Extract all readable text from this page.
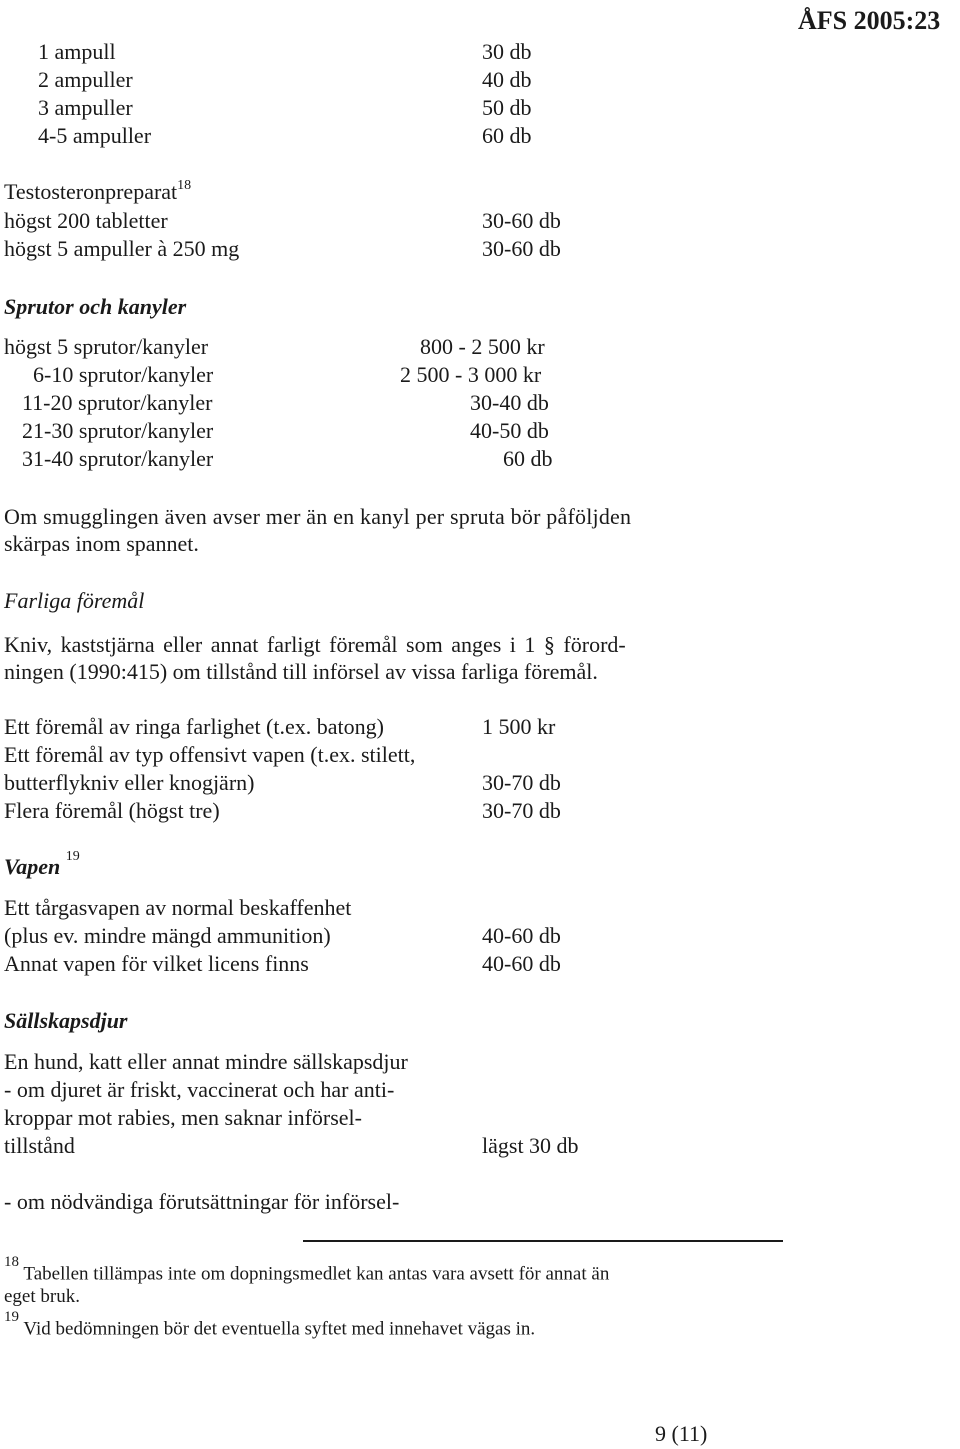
ÅFS 2005:23
1 ampull	30 db
2 ampuller	40 db
3 ampuller	50 db
4-5 ampuller	60 db
Testosteronpreparat$^{18}$
högst 200 tabletter	30-60 db
högst 5 ampuller à 250 mg	30-60 db
Sprutor och kanyler
högst 5 sprutor/kanyler	800 - 2 500 kr
6-10 sprutor/kanyler	2 500 - 3 000 kr
11-20 sprutor/kanyler	30-40 db
21-30 sprutor/kanyler	40-50 db
31-40 sprutor/kanyler	60 db
Om smugglingen även avser mer än en kanyl per spruta bör påföljden
skärpas inom spannet.
Farliga föremål
Kniv, kaststjärna eller annat farligt föremål som anges i 1 § förord-
ningen (1990:415) om tillstånd till införsel av vissa farliga föremål.
Ett föremål av ringa farlighet (t.ex. batong)	1 500 kr
Ett föremål av typ offensivt vapen (t.ex. stilett,
butterflykniv eller knogjärn)	30-70 db
Flera föremål (högst tre)	30-70 db
Vapen $^{19}$
Ett tårgasvapen av normal beskaffenhet
(plus ev. mindre mängd ammunition)	40-60 db
Annat vapen för vilket licens finns	40-60 db
Sällskapsdjur
En hund, katt eller annat mindre sällskapsdjur
- om djuret är friskt, vaccinerat och har anti-
kroppar mot rabies, men saknar införsel-
tillstånd	lägst 30 db
- om nödvändiga förutsättningar för införsel-
$^{18}$ Tabellen tillämpas inte om dopningsmedlet kan antas vara avsett för annat än
eget bruk.
$^{19}$ Vid bedömningen bör det eventuella syftet med innehavet vägas in.
9 (11)
